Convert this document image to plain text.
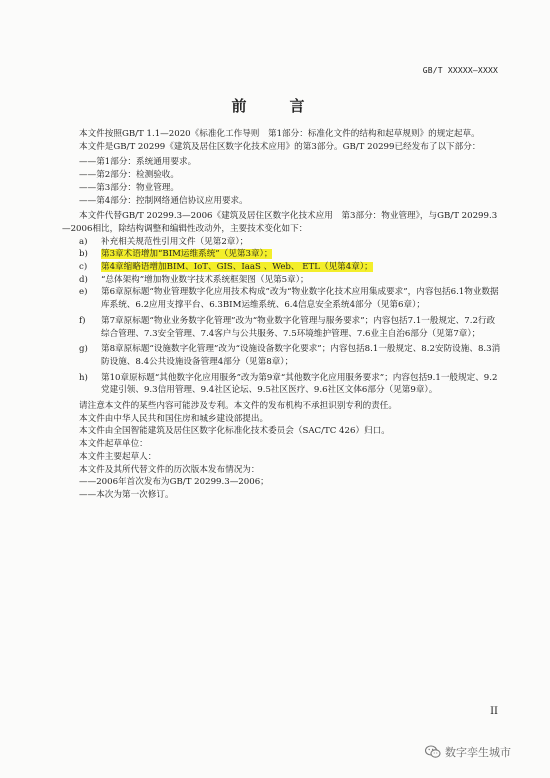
GB/T XXXXX—XXXX
前　言

本文件按照GB/T 1.1—2020《标准化工作导则　第1部分：标准化文件的结构和起草规则》的规定起草。

本文件是GB/T 20299《建筑及居住区数字化技术应用》的第3部分。GB/T 20299已经发布了以下部分：

——第1部分：系统通用要求。

——第2部分：检测验收。

——第3部分：物业管理。

——第4部分：控制网络通信协议应用要求。

本文件代替GB/T 20299.3—2006《建筑及居住区数字化技术应用　第3部分：物业管理》，与GB/T 20299.3—2006相比，除结构调整和编辑性改动外，主要技术变化如下：

a) 补充相关规范性引用文件（见第2章）；
b) 第3章术语增加“BIM运维系统”（见第3章）；
c)	第4章缩略语增加BIM、IoT、GIS、IaaS 、Web、 ETL（见第4章）；
d) “总体架构”增加物业数字技术系统框架图（见第5章）；
e) 第6章原标题“物业管理数字化应用技术构成”改为“物业数字化技术应用集成要求”，内容包括6.1物业数据库系统、6.2应用支撑平台、6.3BIM运维系统、6.4信息安全系统4部分（见第6章）；
f)	第7章原标题“物业业务数字化管理”改为“物业数字化管理与服务要求”；内容包括7.1一般规定、7.2行政综合管理、7.3安全管理、7.4客户与公共服务、7.5环境维护管理、7.6业主自治6部分（见第7章）；
g) 第8章原标题“设施数字化管理”改为“设施设备数字化要求”；内容包括8.1一般规定、8.2安防设施、8.3消防设施、8.4公共设施设备管理4部分（见第8章）；
h) 第10章原标题“其他数字化应用服务”改为第9章“其他数字化应用服务要求”；内容包括9.1一般规定、9.2党建引领、9.3信用管理、9.4社区论坛、9.5社区医疗、9.6社区文体6部分（见第9章）。

请注意本文件的某些内容可能涉及专利。本文件的发布机构不承担识别专利的责任。

本文件由中华人民共和国住房和城乡建设部提出。

本文件由全国智能建筑及居住区数字化标准化技术委员会（SAC/TC 426）归口。

本文件起草单位：

本文件主要起草人：

本文件及其所代替文件的历次版本发布情况为：

——2006年首次发布为GB/T 20299.3—2006；

——本次为第一次修订。

II
数字孪生城市
